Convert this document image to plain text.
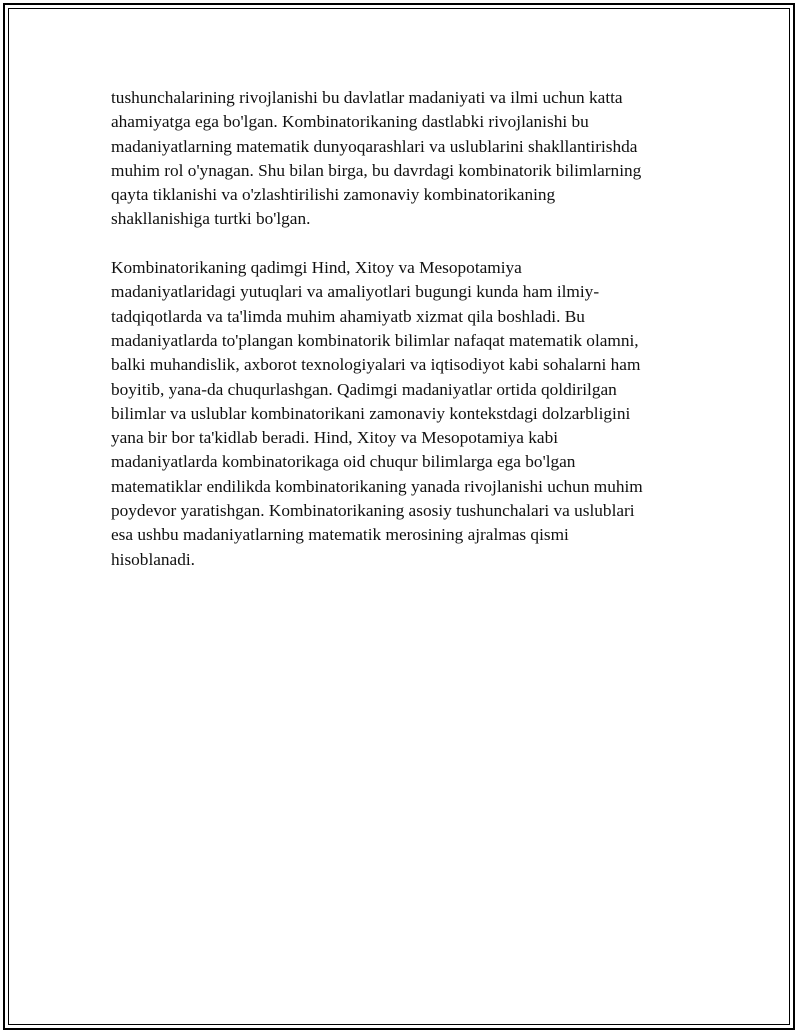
tushunchalarining rivojlanishi bu davlatlar madaniyati va ilmi uchun katta
ahamiyatga ega bo'lgan. Kombinatorikaning dastlabki rivojlanishi bu
madaniyatlarning matematik dunyoqarashlari va uslublarini shakllantirishda
muhim rol o'ynagan. Shu bilan birga, bu davrdagi kombinatorik bilimlarning
qayta tiklanishi va o'zlashtirilishi zamonaviy kombinatorikaning
shakllanishiga turtki bo'lgan.

Kombinatorikaning qadimgi Hind, Xitoy va Mesopotamiya
madaniyatlaridagi yutuqlari va amaliyotlari bugungi kunda ham ilmiy-
tadqiqotlarda va ta'limda muhim ahamiyatb xizmat qila boshladi. Bu
madaniyatlarda to'plangan kombinatorik bilimlar nafaqat matematik olamni,
balki muhandislik, axborot texnologiyalari va iqtisodiyot kabi sohalarni ham
boyitib, yana-da chuqurlashgan. Qadimgi madaniyatlar ortida qoldirilgan
bilimlar va uslublar kombinatorikani zamonaviy kontekstdagi dolzarbligini
yana bir bor ta'kidlab beradi. Hind, Xitoy va Mesopotamiya kabi
madaniyatlarda kombinatorikaga oid chuqur bilimlarga ega bo'lgan
matematiklar endilikda kombinatorikaning yanada rivojlanishi uchun muhim
poydevor yaratishgan. Kombinatorikaning asosiy tushunchalari va uslublari
esa ushbu madaniyatlarning matematik merosining ajralmas qismi
hisoblanadi.
